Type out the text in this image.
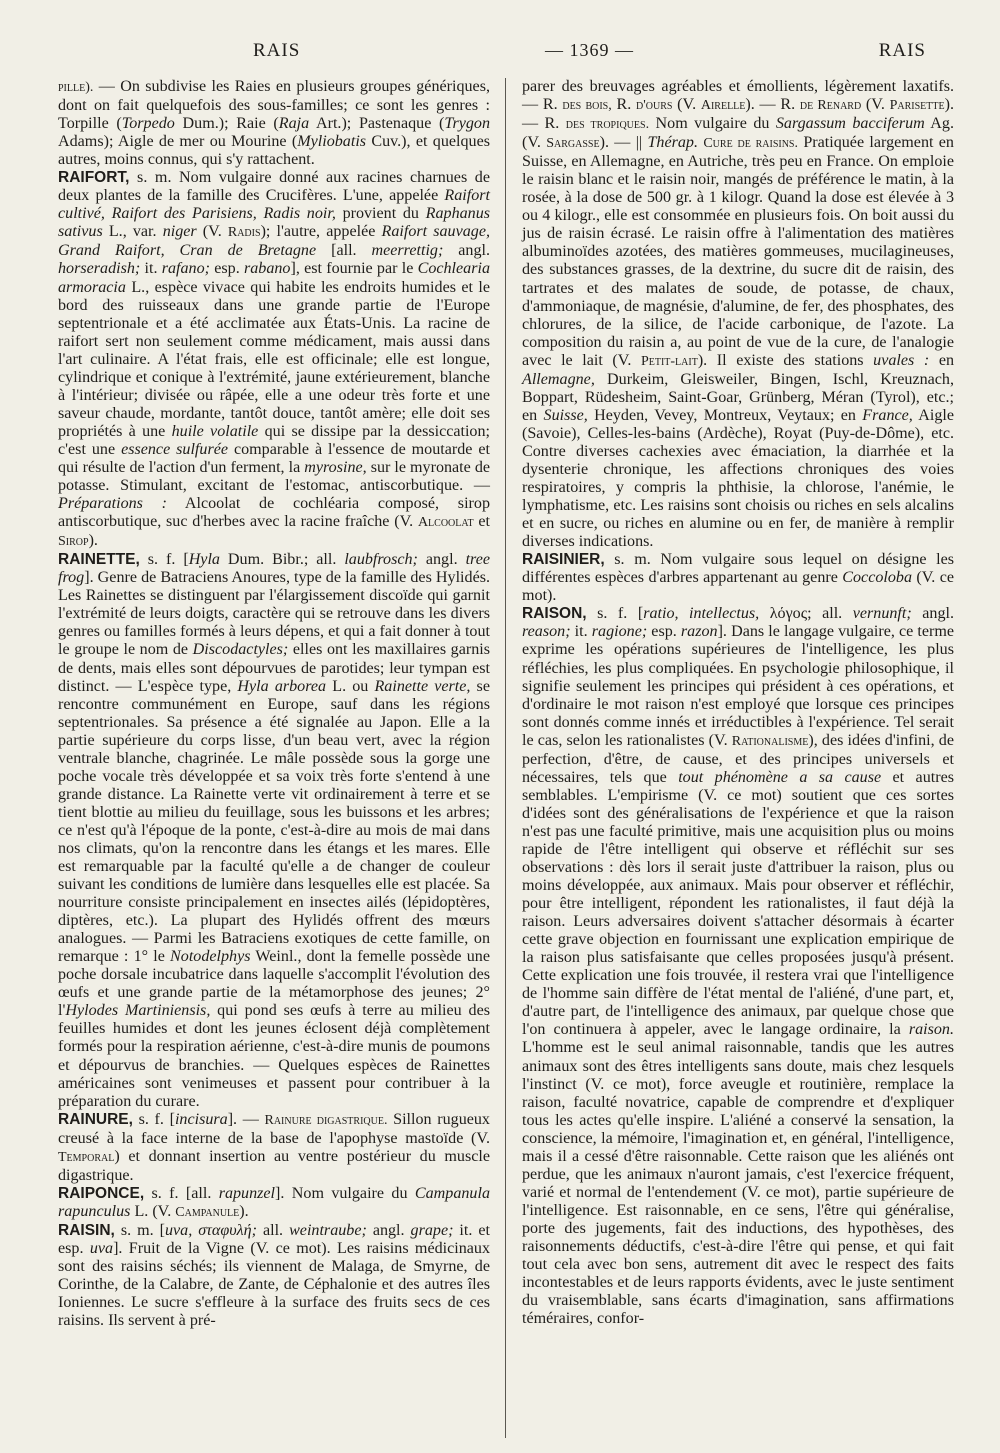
RAIS	— 1369 —	RAIS

pille). — On subdivise les Raies en plusieurs groupes génériques, dont on fait quelquefois des sous-familles; ce sont les genres : Torpille (Torpedo Dum.); Raie (Raja Art.); Pastenaque (Trygon Adams); Aigle de mer ou Mourine (Myliobatis Cuv.), et quelques autres, moins connus, qui s'y rattachent.

RAIFORT, s. m. Nom vulgaire donné aux racines charnues de deux plantes de la famille des Crucifères. L'une, appelée Raifort cultivé, Raifort des Parisiens, Radis noir, provient du Raphanus sativus L., var. niger (V. Radis); l'autre, appelée Raifort sauvage, Grand Raifort, Cran de Bretagne [all. meerrettig; angl. horseradish; it. rafano; esp. rabano], est fournie par le Cochlearia armoracia L., espèce vivace qui habite les endroits humides et le bord des ruisseaux dans une grande partie de l'Europe septentrionale et a été acclimatée aux États-Unis. La racine de raifort sert non seulement comme médicament, mais aussi dans l'art culinaire. A l'état frais, elle est officinale; elle est longue, cylindrique et conique à l'extrémité, jaune extérieurement, blanche à l'intérieur; divisée ou râpée, elle a une odeur très forte et une saveur chaude, mordante, tantôt douce, tantôt amère; elle doit ses propriétés à une huile volatile qui se dissipe par la dessiccation; c'est une essence sulfurée comparable à l'essence de moutarde et qui résulte de l'action d'un ferment, la myrosine, sur le myronate de potasse. Stimulant, excitant de l'estomac, antiscorbutique. — Préparations : Alcoolat de cochléaria composé, sirop antiscorbutique, suc d'herbes avec la racine fraîche (V. Alcoolat et Sirop).

RAINETTE, s. f. [Hyla Dum. Bibr.; all. laubfrosch; angl. tree frog]. Genre de Batraciens Anoures, type de la famille des Hylidés. Les Rainettes se distinguent par l'élargissement discoïde qui garnit l'extrémité de leurs doigts, caractère qui se retrouve dans les divers genres ou familles formés à leurs dépens, et qui a fait donner à tout le groupe le nom de Discodactyles; elles ont les maxillaires garnis de dents, mais elles sont dépourvues de parotides; leur tympan est distinct. — L'espèce type, Hyla arborea L. ou Rainette verte, se rencontre communément en Europe, sauf dans les régions septentrionales. Sa présence a été signalée au Japon. Elle a la partie supérieure du corps lisse, d'un beau vert, avec la région ventrale blanche, chagrinée. Le mâle possède sous la gorge une poche vocale très développée et sa voix très forte s'entend à une grande distance. La Rainette verte vit ordinairement à terre et se tient blottie au milieu du feuillage, sous les buissons et les arbres; ce n'est qu'à l'époque de la ponte, c'est-à-dire au mois de mai dans nos climats, qu'on la rencontre dans les étangs et les mares. Elle est remarquable par la faculté qu'elle a de changer de couleur suivant les conditions de lumière dans lesquelles elle est placée. Sa nourriture consiste principalement en insectes ailés (lépidoptères, diptères, etc.). La plupart des Hylidés offrent des mœurs analogues. — Parmi les Batraciens exotiques de cette famille, on remarque : 1° le Notodelphys Weinl., dont la femelle possède une poche dorsale incubatrice dans laquelle s'accomplit l'évolution des œufs et une grande partie de la métamorphose des jeunes; 2° l'Hylodes Martiniensis, qui pond ses œufs à terre au milieu des feuilles humides et dont les jeunes éclosent déjà complètement formés pour la respiration aérienne, c'est-à-dire munis de poumons et dépourvus de branchies. — Quelques espèces de Rainettes américaines sont venimeuses et passent pour contribuer à la préparation du curare.

RAINURE, s. f. [incisura]. — Rainure digastrique. Sillon rugueux creusé à la face interne de la base de l'apophyse mastoïde (V. Temporal) et donnant insertion au ventre postérieur du muscle digastrique.

RAIPONCE, s. f. [all. rapunzel]. Nom vulgaire du Campanula rapunculus L. (V. Campanule).

RAISIN, s. m. [uva, σταφυλή; all. weintraube; angl. grape; it. et esp. uva]. Fruit de la Vigne (V. ce mot). Les raisins médicinaux sont des raisins séchés; ils viennent de Malaga, de Smyrne, de Corinthe, de la Calabre, de Zante, de Céphalonie et des autres îles Ioniennes. Le sucre s'effleure à la surface des fruits secs de ces raisins. Ils servent à pré-

parer des breuvages agréables et émollients, légèrement laxatifs. — R. des bois, R. d'ours (V. Airelle). — R. de Renard (V. Parisette). — R. des tropiques. Nom vulgaire du Sargassum bacciferum Ag. (V. Sargasse). — || Thérap. Cure de raisins. Pratiquée largement en Suisse, en Allemagne, en Autriche, très peu en France. On emploie le raisin blanc et le raisin noir, mangés de préférence le matin, à la rosée, à la dose de 500 gr. à 1 kilogr. Quand la dose est élevée à 3 ou 4 kilogr., elle est consommée en plusieurs fois. On boit aussi du jus de raisin écrasé. Le raisin offre à l'alimentation des matières albuminoïdes azotées, des matières gommeuses, mucilagineuses, des substances grasses, de la dextrine, du sucre dit de raisin, des tartrates et des malates de soude, de potasse, de chaux, d'ammoniaque, de magnésie, d'alumine, de fer, des phosphates, des chlorures, de la silice, de l'acide carbonique, de l'azote. La composition du raisin a, au point de vue de la cure, de l'analogie avec le lait (V. Petit-lait). Il existe des stations uvales : en Allemagne, Durkeim, Gleisweiler, Bingen, Ischl, Kreuznach, Boppart, Rüdesheim, Saint-Goar, Grünberg, Méran (Tyrol), etc.; en Suisse, Heyden, Vevey, Montreux, Veytaux; en France, Aigle (Savoie), Celles-les-bains (Ardèche), Royat (Puy-de-Dôme), etc. Contre diverses cachexies avec émaciation, la diarrhée et la dysenterie chronique, les affections chroniques des voies respiratoires, y compris la phthisie, la chlorose, l'anémie, le lymphatisme, etc. Les raisins sont choisis ou riches en sels alcalins et en sucre, ou riches en alumine ou en fer, de manière à remplir diverses indications.

RAISINIER, s. m. Nom vulgaire sous lequel on désigne les différentes espèces d'arbres appartenant au genre Coccoloba (V. ce mot).

RAISON, s. f. [ratio, intellectus, λόγος; all. vernunft; angl. reason; it. ragione; esp. razon]. Dans le langage vulgaire, ce terme exprime les opérations supérieures de l'intelligence, les plus réfléchies, les plus compliquées. En psychologie philosophique, il signifie seulement les principes qui président à ces opérations, et d'ordinaire le mot raison n'est employé que lorsque ces principes sont donnés comme innés et irréductibles à l'expérience. Tel serait le cas, selon les rationalistes (V. Rationalisme), des idées d'infini, de perfection, d'être, de cause, et des principes universels et nécessaires, tels que tout phénomène a sa cause et autres semblables. L'empirisme (V. ce mot) soutient que ces sortes d'idées sont des généralisations de l'expérience et que la raison n'est pas une faculté primitive, mais une acquisition plus ou moins rapide de l'être intelligent qui observe et réfléchit sur ses observations : dès lors il serait juste d'attribuer la raison, plus ou moins développée, aux animaux. Mais pour observer et réfléchir, pour être intelligent, répondent les rationalistes, il faut déjà la raison. Leurs adversaires doivent s'attacher désormais à écarter cette grave objection en fournissant une explication empirique de la raison plus satisfaisante que celles proposées jusqu'à présent. Cette explication une fois trouvée, il restera vrai que l'intelligence de l'homme sain diffère de l'état mental de l'aliéné, d'une part, et, d'autre part, de l'intelligence des animaux, par quelque chose que l'on continuera à appeler, avec le langage ordinaire, la raison. L'homme est le seul animal raisonnable, tandis que les autres animaux sont des êtres intelligents sans doute, mais chez lesquels l'instinct (V. ce mot), force aveugle et routinière, remplace la raison, faculté novatrice, capable de comprendre et d'expliquer tous les actes qu'elle inspire. L'aliéné a conservé la sensation, la conscience, la mémoire, l'imagination et, en général, l'intelligence, mais il a cessé d'être raisonnable. Cette raison que les aliénés ont perdue, que les animaux n'auront jamais, c'est l'exercice fréquent, varié et normal de l'entendement (V. ce mot), partie supérieure de l'intelligence. Est raisonnable, en ce sens, l'être qui généralise, porte des jugements, fait des inductions, des hypothèses, des raisonnements déductifs, c'est-à-dire l'être qui pense, et qui fait tout cela avec bon sens, autrement dit avec le respect des faits incontestables et de leurs rapports évidents, avec le juste sentiment du vraisemblable, sans écarts d'imagination, sans affirmations téméraires, confor-
